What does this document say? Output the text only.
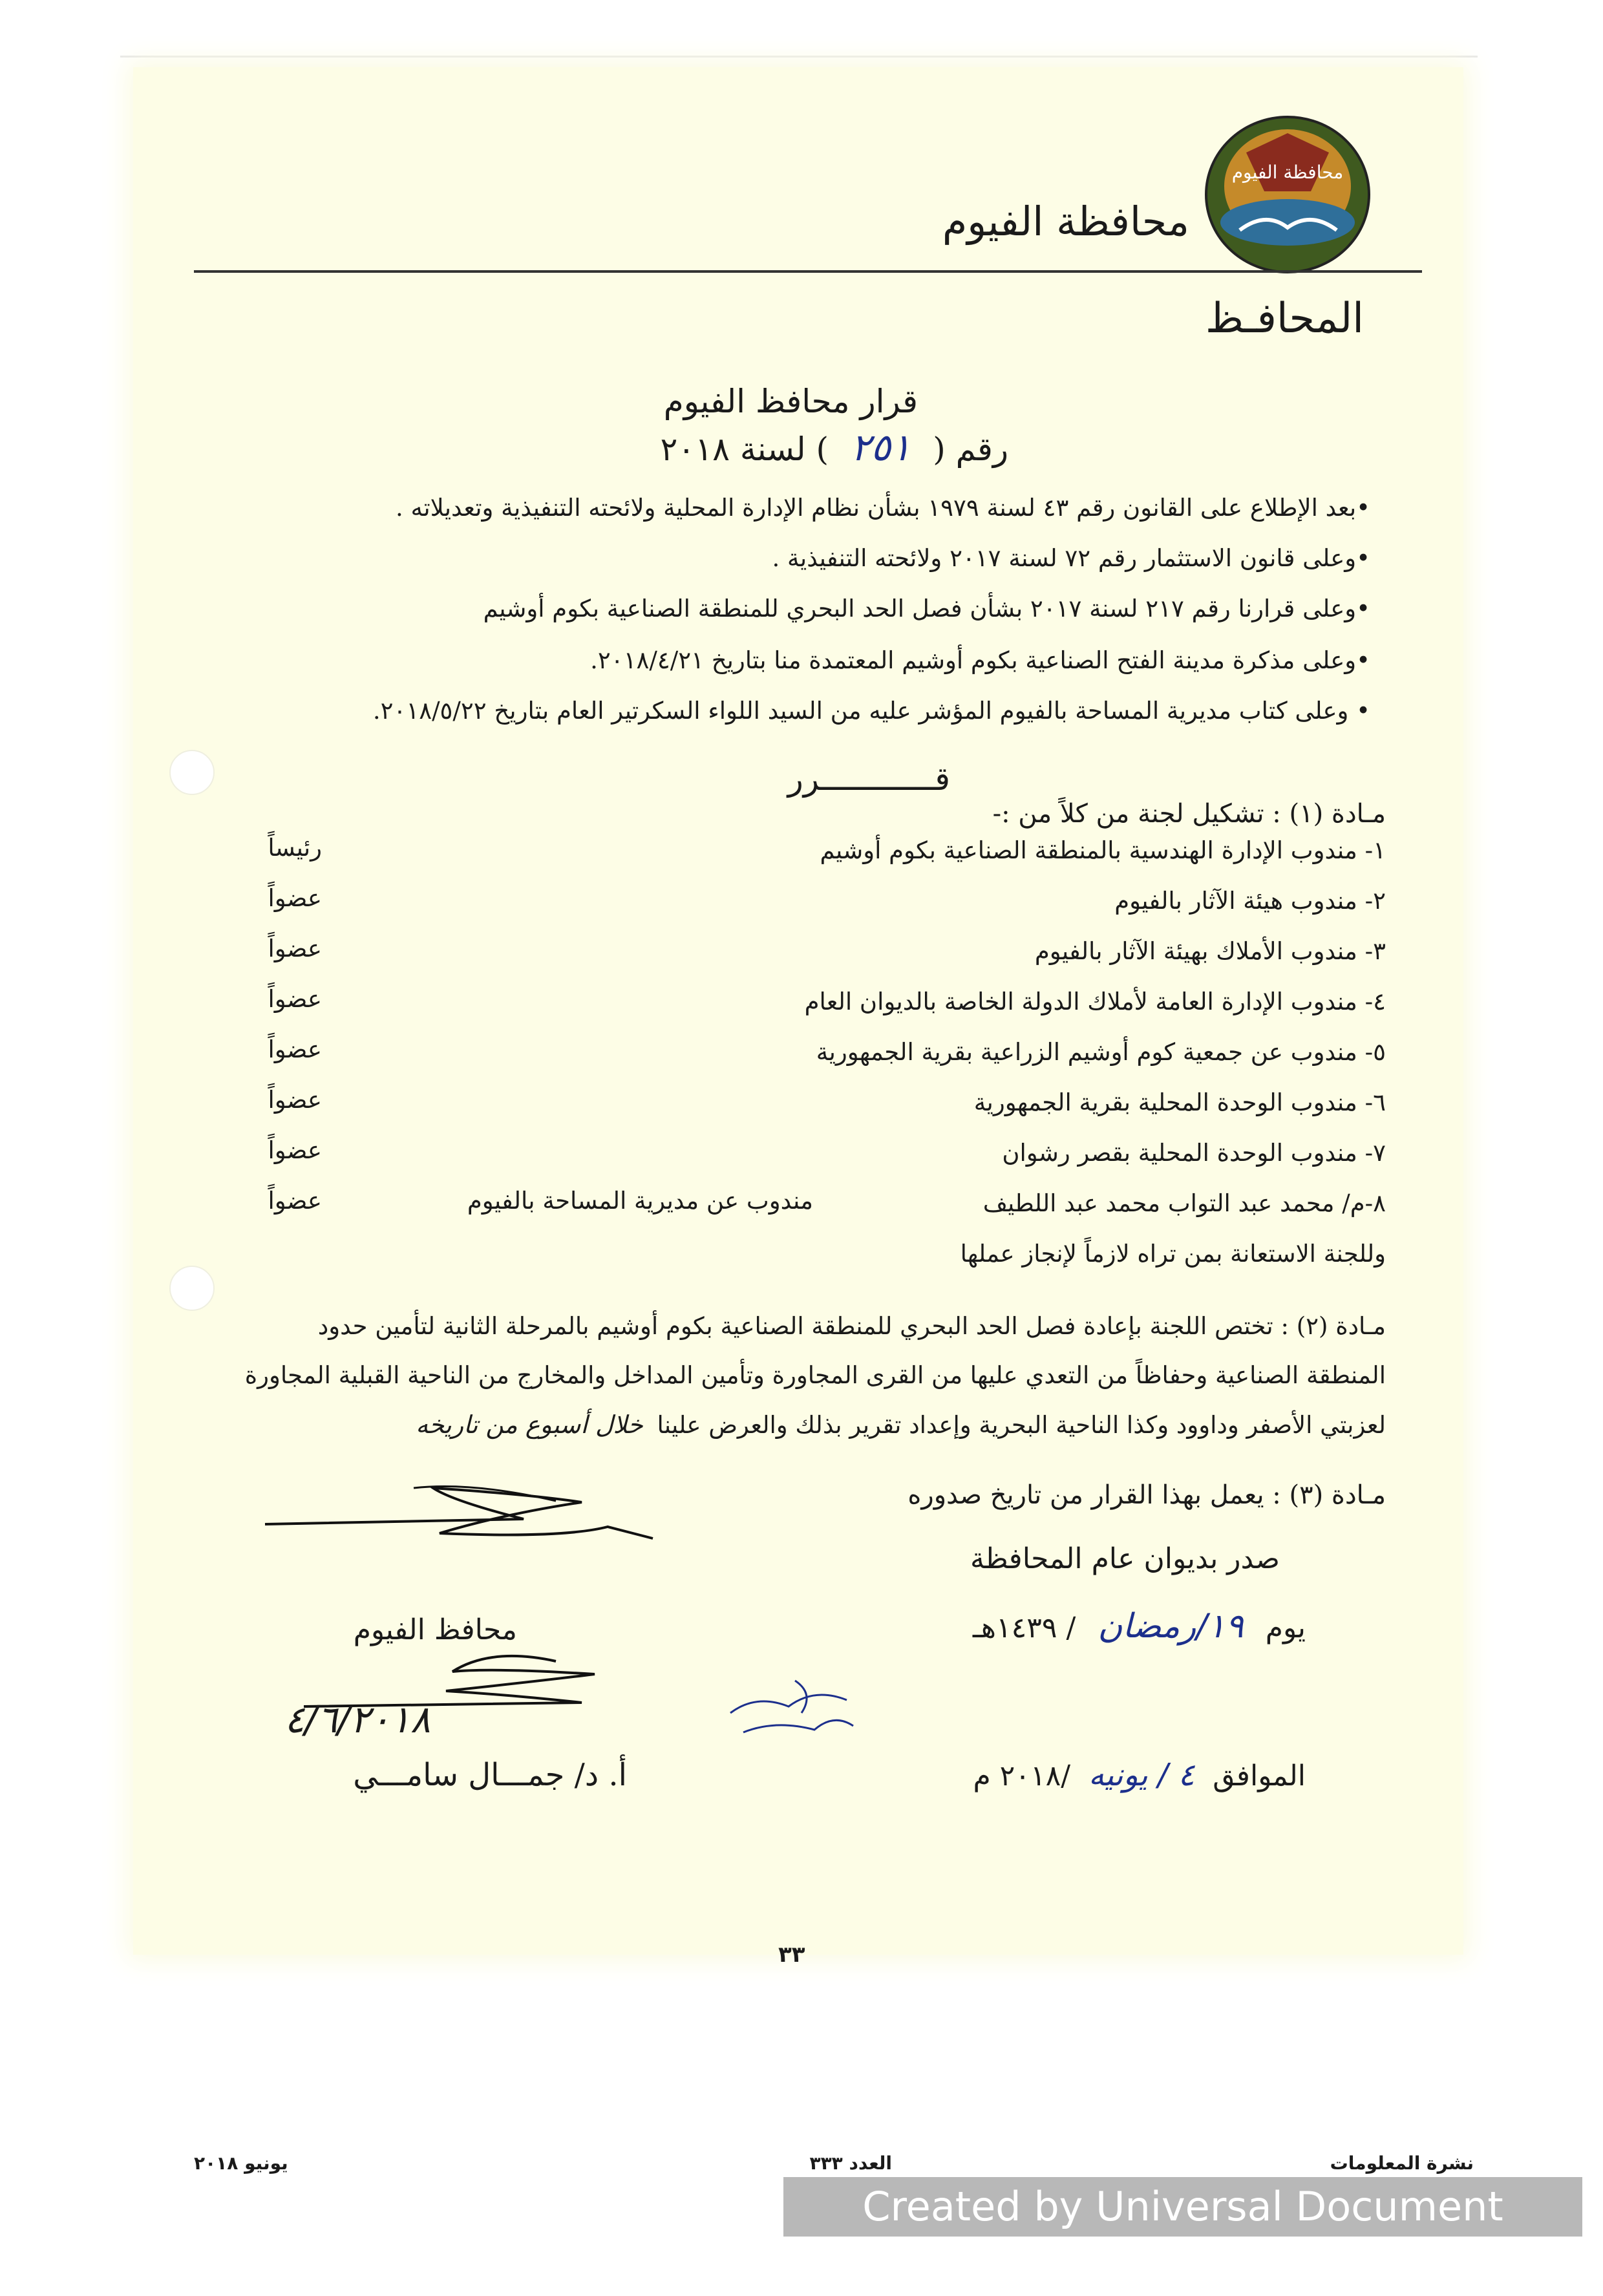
محافظة الفيوم
محافظة الفيوم
المحافـظ
قرار محافظ الفيوم
رقم ( ٢٥١ ) لسنة ٢٠١٨
•بعد الإطلاع على القانون رقم ٤٣ لسنة ١٩٧٩ بشأن نظام الإدارة المحلية ولائحته التنفيذية وتعديلاته .
•وعلى قانون الاستثمار رقم ٧٢ لسنة ٢٠١٧ ولائحته التنفيذية .
•وعلى قرارنا رقم ٢١٧ لسنة ٢٠١٧ بشأن فصل الحد البحري للمنطقة الصناعية بكوم أوشيم
•وعلى مذكرة مدينة الفتح الصناعية بكوم أوشيم المعتمدة منا بتاريخ ٢٠١٨/٤/٢١.
• وعلى كتاب مديرية المساحة بالفيوم المؤشر عليه من السيد اللواء السكرتير العام بتاريخ ٢٠١٨/٥/٢٢.
قــــــــــــرر
مـادة (١) : تشكيل لجنة من كلاً من :-
١- مندوب الإدارة الهندسية بالمنطقة الصناعية بكوم أوشيم
رئيساً
٢- مندوب هيئة الآثار بالفيوم
عضواً
٣- مندوب الأملاك بهيئة الآثار بالفيوم
عضواً
٤- مندوب الإدارة العامة لأملاك الدولة الخاصة بالديوان العام
عضواً
٥- مندوب عن جمعية كوم أوشيم الزراعية بقرية الجمهورية
عضواً
٦- مندوب الوحدة المحلية بقرية الجمهورية
عضواً
٧- مندوب الوحدة المحلية بقصر رشوان
عضواً
٨-م/ محمد عبد التواب محمد عبد اللطيف
مندوب عن مديرية المساحة بالفيوم
عضواً
وللجنة الاستعانة بمن تراه لازماً لإنجاز عملها
مـادة (٢) : تختص اللجنة بإعادة فصل الحد البحري للمنطقة الصناعية بكوم أوشيم بالمرحلة الثانية لتأمين حدود
المنطقة الصناعية وحفاظاً من التعدي عليها من القرى المجاورة وتأمين المداخل والمخارج من الناحية القبلية المجاورة
لعزبتي الأصفر وداوود وكذا الناحية البحرية وإعداد تقرير بذلك والعرض علينا خلال أسبوع من تاريخه
مـادة (٣) : يعمل بهذا القرار من تاريخ صدوره
صدر بديوان عام المحافظة
يوم ١٩/رمضان / ١٤٣٩هـ
الموافق ٤ / يونيه /٢٠١٨ م
محافظ الفيوم
٤/٦/٢٠١٨
أ. د/ جمـــال سامـــي
٣٣
نشرة المعلومات
العدد ٣٣٣
يونيو ٢٠١٨
Created by Universal Document Converter
